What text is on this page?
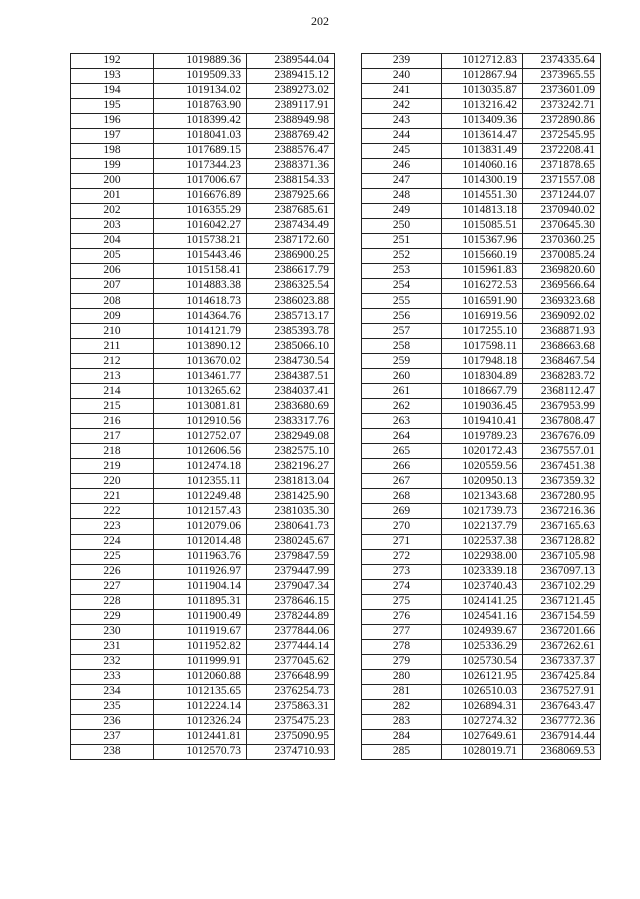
202
192	1019889.36	2389544.04
193	1019509.33	2389415.12
194	1019134.02	2389273.02
195	1018763.90	2389117.91
196	1018399.42	2388949.98
197	1018041.03	2388769.42
198	1017689.15	2388576.47
199	1017344.23	2388371.36
200	1017006.67	2388154.33
201	1016676.89	2387925.66
202	1016355.29	2387685.61
203	1016042.27	2387434.49
204	1015738.21	2387172.60
205	1015443.46	2386900.25
206	1015158.41	2386617.79
207	1014883.38	2386325.54
208	1014618.73	2386023.88
209	1014364.76	2385713.17
210	1014121.79	2385393.78
211	1013890.12	2385066.10
212	1013670.02	2384730.54
213	1013461.77	2384387.51
214	1013265.62	2384037.41
215	1013081.81	2383680.69
216	1012910.56	2383317.76
217	1012752.07	2382949.08
218	1012606.56	2382575.10
219	1012474.18	2382196.27
220	1012355.11	2381813.04
221	1012249.48	2381425.90
222	1012157.43	2381035.30
223	1012079.06	2380641.73
224	1012014.48	2380245.67
225	1011963.76	2379847.59
226	1011926.97	2379447.99
227	1011904.14	2379047.34
228	1011895.31	2378646.15
229	1011900.49	2378244.89
230	1011919.67	2377844.06
231	1011952.82	2377444.14
232	1011999.91	2377045.62
233	1012060.88	2376648.99
234	1012135.65	2376254.73
235	1012224.14	2375863.31
236	1012326.24	2375475.23
237	1012441.81	2375090.95
238	1012570.73	2374710.93
239	1012712.83	2374335.64
240	1012867.94	2373965.55
241	1013035.87	2373601.09
242	1013216.42	2373242.71
243	1013409.36	2372890.86
244	1013614.47	2372545.95
245	1013831.49	2372208.41
246	1014060.16	2371878.65
247	1014300.19	2371557.08
248	1014551.30	2371244.07
249	1014813.18	2370940.02
250	1015085.51	2370645.30
251	1015367.96	2370360.25
252	1015660.19	2370085.24
253	1015961.83	2369820.60
254	1016272.53	2369566.64
255	1016591.90	2369323.68
256	1016919.56	2369092.02
257	1017255.10	2368871.93
258	1017598.11	2368663.68
259	1017948.18	2368467.54
260	1018304.89	2368283.72
261	1018667.79	2368112.47
262	1019036.45	2367953.99
263	1019410.41	2367808.47
264	1019789.23	2367676.09
265	1020172.43	2367557.01
266	1020559.56	2367451.38
267	1020950.13	2367359.32
268	1021343.68	2367280.95
269	1021739.73	2367216.36
270	1022137.79	2367165.63
271	1022537.38	2367128.82
272	1022938.00	2367105.98
273	1023339.18	2367097.13
274	1023740.43	2367102.29
275	1024141.25	2367121.45
276	1024541.16	2367154.59
277	1024939.67	2367201.66
278	1025336.29	2367262.61
279	1025730.54	2367337.37
280	1026121.95	2367425.84
281	1026510.03	2367527.91
282	1026894.31	2367643.47
283	1027274.32	2367772.36
284	1027649.61	2367914.44
285	1028019.71	2368069.53
